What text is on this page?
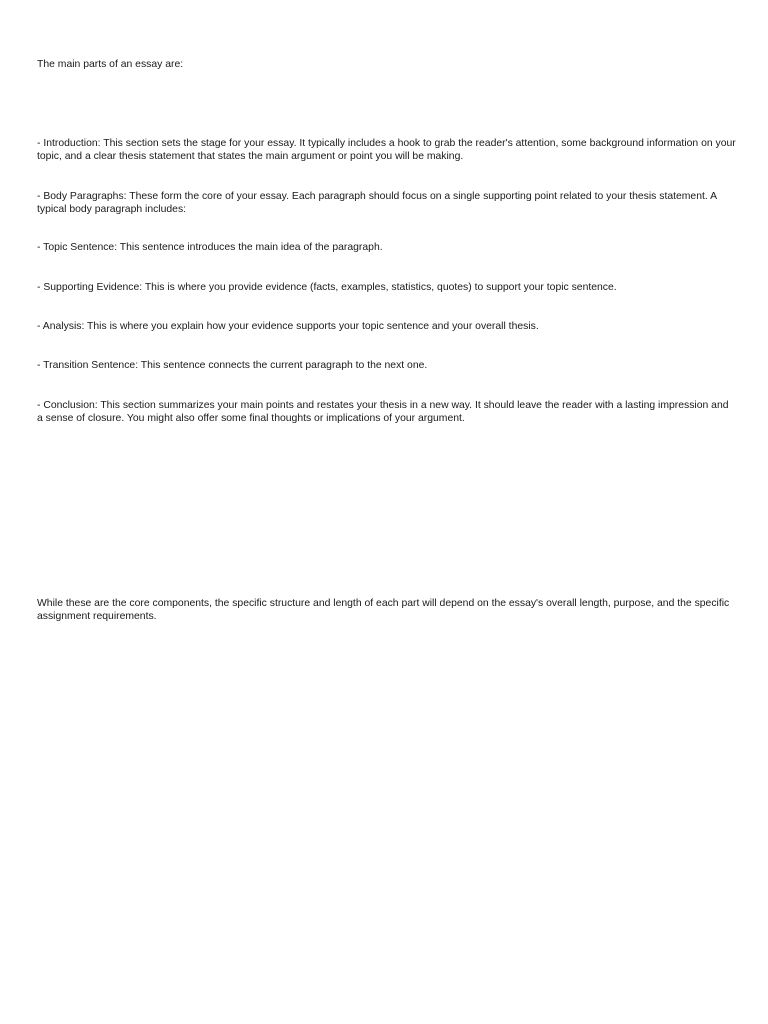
The main parts of an essay are:

- Introduction: This section sets the stage for your essay. It typically includes a hook to grab the reader's attention, some background information on your topic, and a clear thesis statement that states the main argument or point you will be making.

- Body Paragraphs: These form the core of your essay. Each paragraph should focus on a single supporting point related to your thesis statement. A typical body paragraph includes:

- Topic Sentence: This sentence introduces the main idea of the paragraph.

- Supporting Evidence: This is where you provide evidence (facts, examples, statistics, quotes) to support your topic sentence.

- Analysis: This is where you explain how your evidence supports your topic sentence and your overall thesis.

- Transition Sentence: This sentence connects the current paragraph to the next one.

- Conclusion: This section summarizes your main points and restates your thesis in a new way. It should leave the reader with a lasting impression and a sense of closure. You might also offer some final thoughts or implications of your argument.

While these are the core components, the specific structure and length of each part will depend on the essay's overall length, purpose, and the specific assignment requirements.
